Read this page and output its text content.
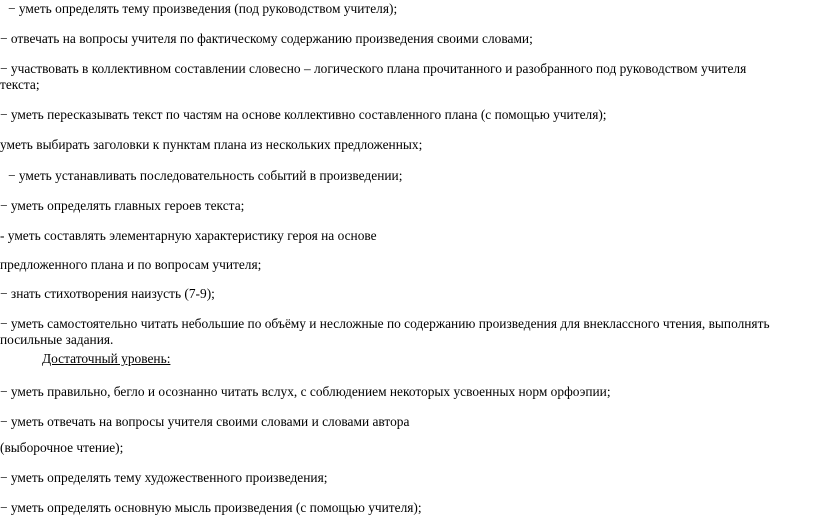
− уметь определять тему произведения (под руководством учителя);
− отвечать на вопросы учителя по фактическому содержанию произведения своими словами;
− участвовать в коллективном составлении словесно – логического плана прочитанного и разобранного под руководством учителя
текста;
− уметь пересказывать текст по частям на основе коллективно составленного плана (с помощью учителя);
уметь выбирать заголовки к пунктам плана из нескольких предложенных;
− уметь устанавливать последовательность событий в произведении;
− уметь определять главных героев текста;
- уметь составлять элементарную характеристику героя на основе
предложенного плана и по вопросам учителя;
− знать стихотворения наизусть (7-9);
− уметь самостоятельно читать небольшие по объёму и несложные по содержанию произведения для внеклассного чтения, выполнять
посильные задания.
Достаточный уровень:
− уметь правильно, бегло и осознанно читать вслух, с соблюдением некоторых усвоенных норм орфоэпии;
− уметь отвечать на вопросы учителя своими словами и словами автора
(выборочное чтение);
− уметь определять тему художественного произведения;
− уметь определять основную мысль произведения (с помощью учителя);
